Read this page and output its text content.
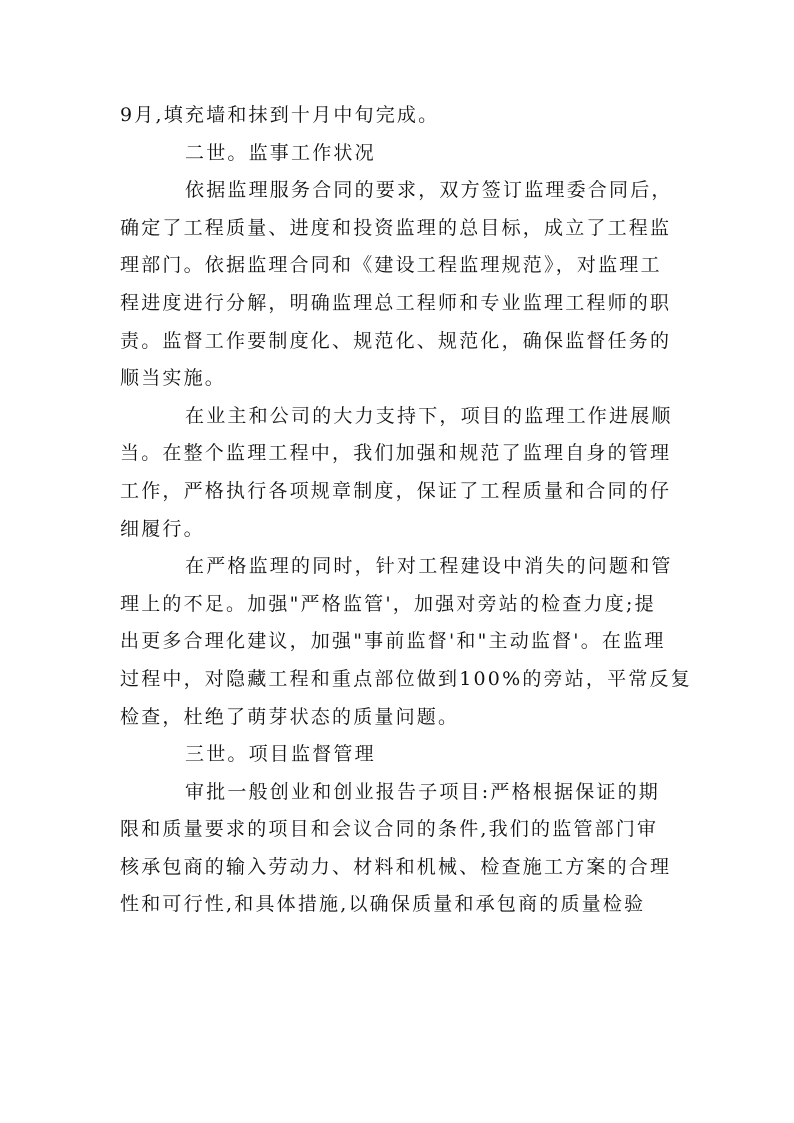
9月,填充墙和抹到十月中旬完成。
二世。监事工作状况
依据监理服务合同的要求，双方签订监理委合同后，
确定了工程质量、进度和投资监理的总目标，成立了工程监
理部门。依据监理合同和《建设工程监理规范》，对监理工
程进度进行分解，明确监理总工程师和专业监理工程师的职
责。监督工作要制度化、规范化、规范化，确保监督任务的
顺当实施。
在业主和公司的大力支持下，项目的监理工作进展顺
当。在整个监理工程中，我们加强和规范了监理自身的管理
工作，严格执行各项规章制度，保证了工程质量和合同的仔
细履行。
在严格监理的同时，针对工程建设中消失的问题和管
理上的不足。加强"严格监管'，加强对旁站的检查力度;提
出更多合理化建议，加强"事前监督'和"主动监督'。在监理
过程中，对隐藏工程和重点部位做到100%的旁站，平常反复
检查，杜绝了萌芽状态的质量问题。
三世。项目监督管理
审批一般创业和创业报告子项目:严格根据保证的期
限和质量要求的项目和会议合同的条件,我们的监管部门审
核承包商的输入劳动力、材料和机械、检查施工方案的合理
性和可行性,和具体措施,以确保质量和承包商的质量检验
